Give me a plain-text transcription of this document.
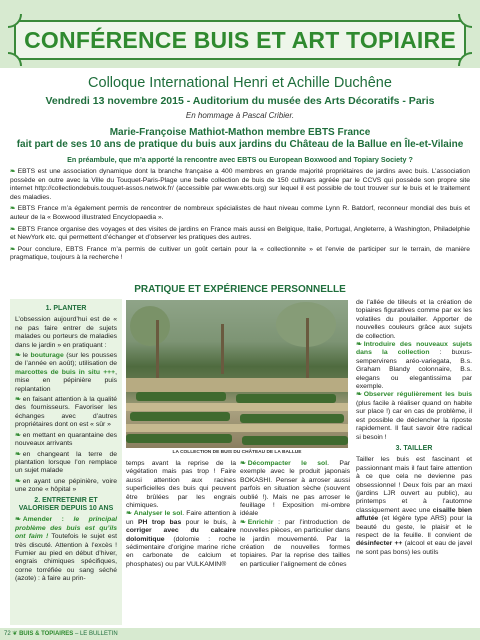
CONFÉRENCE BUIS ET ART TOPIAIRE
Colloque International Henri et Achille Duchêne
Vendredi 13 novembre 2015 - Auditorium du musée des Arts Décoratifs - Paris
En hommage à Pascal Cribier.
Marie-Françoise Mathiot-Mathon membre EBTS France
fait part de ses 10 ans de pratique du buis aux jardins du Château de la Ballue en Île-et-Vilaine
En préambule, que m’a apporté la rencontre avec EBTS ou European Boxwood and Topiary Society ?

❧ EBTS est une association dynamique dont la branche française a 400 membres en grande majorité propriétaires de jardins avec buis. L’association possède en outre avec la Ville du Touquet-Paris-Plage une belle collection de buis de 150 cultivars agréée par le CCVS qui possède son propre site internet http://collectiondebuis.touquet-assos.netwok.fr/ (accessible par www.ebts.org) sur lequel il est possible de tout trouver sur le buis et le traitement des maladies.

❧ EBTS France m’a également permis de rencontrer de nombreux spécialistes de haut niveau comme Lynn R. Batdorf, reconneur mondial des buis et auteur de la « Boxwood illustrated Encyclopaedia ».

❧ EBTS France organise des voyages et des visites de jardins en France mais aussi en Belgique, Italie, Portugal, Angleterre, à Washington, Philadelphie et NewYork etc. qui permettent d’échanger et d’observer les pratiques des autres.

❧ Pour conclure, EBTS France m’a permis de cultiver un goût certain pour la « collectionnite » et l’envie de participer sur le terrain, de manière pragmatique, toujours à la recherche !

PRATIQUE ET EXPÉRIENCE PERSONNELLE
1. PLANTER

L’obsession aujourd’hui est de « ne pas faire entrer de sujets malades ou porteurs de maladies dans le jardin » en pratiquant :

❧ le bouturage (sur les pousses de l’année en août); utilisation de marcottes de buis in situ +++, mise en pépinière puis replantation

❧ en faisant attention à la qualité des fournisseurs. Favoriser les échanges avec d’autres propriétaires dont on est « sûr »

❧ en mettant en quarantaine des nouveaux arrivants

❧ en changeant la terre de plantation lorsque l’on remplace un sujet malade

❧ en ayant une pépinière, voire une zone « hôpital »

2. ENTRETENIR ET VALORISER DEPUIS 10 ANS

❧ Amender : le principal problème des buis est qu’ils ont faim ! Toutefois le sujet est très discuté. Attention à l’excès ! Fumier au pied en début d’hiver, engrais chimiques spécifiques, corne torréfiée ou sang séché (azote) : à faire au prin-

LA COLLECTION DE BUIS DU CHÂTEAU DE LA BALLUE

temps avant la reprise de la végétation mais pas trop ! Faire aussi attention aux racines superficielles des buis qui peuvent être brûlées par les engrais chimiques.

❧ Analyser le sol. Faire attention à un PH trop bas pour le buis, à corriger avec du calcaire dolomitique (dolomie : roche sédimentaire d’origine marine riche en carbonate de calcium et phosphates) ou par VULKAMIN®

❧ Décompacter le sol. Par exemple avec le produit japonais BOKASHI. Penser à arroser aussi parfois en situation sèche (souvent oublié !). Mais ne pas arroser le feuillage ! Exposition mi-ombre idéale

❧ Enrichir : par l’introduction de nouvelles pièces, en particulier dans le jardin mouvementé. Par la création de nouvelles formes topiaires. Par la reprise des tailles en particulier l’alignement de cônes

de l’allée de tilleuls et la création de topiaires figuratives comme par ex les volatiles du poulailler. Apporter de nouvelles couleurs grâce aux sujets de collection.

❧ Introduire des nouveaux sujets dans la collection : buxus-sempervirens aréo-variegata, B.s. Graham Blandy colonnaire, B.s. elegans ou elegantissima par exemple.

❧ Observer régulièrement les buis (plus facile à réaliser quand on habite sur place !) car en cas de problème, il est possible de déclencher la riposte rapidement. Il faut savoir être radical si besoin !

3. TAILLER

Tailler les buis est fascinant et passionnant mais il faut faire attention à ce que cela ne devienne pas obsessionnel ! Deux fois par an maxi (jardins LJR ouvert au public), au printemps et à l’automne classiquement avec une cisaille bien affutée (et légère type ARS) pour la beauté du geste, le plaisir et le respect de la feuille. Il convient de désinfecter ++ (alcool et eau de javel ne sont pas bons) les outils

72 ❦ BUIS & TOPIAIRES – LE BULLETIN
